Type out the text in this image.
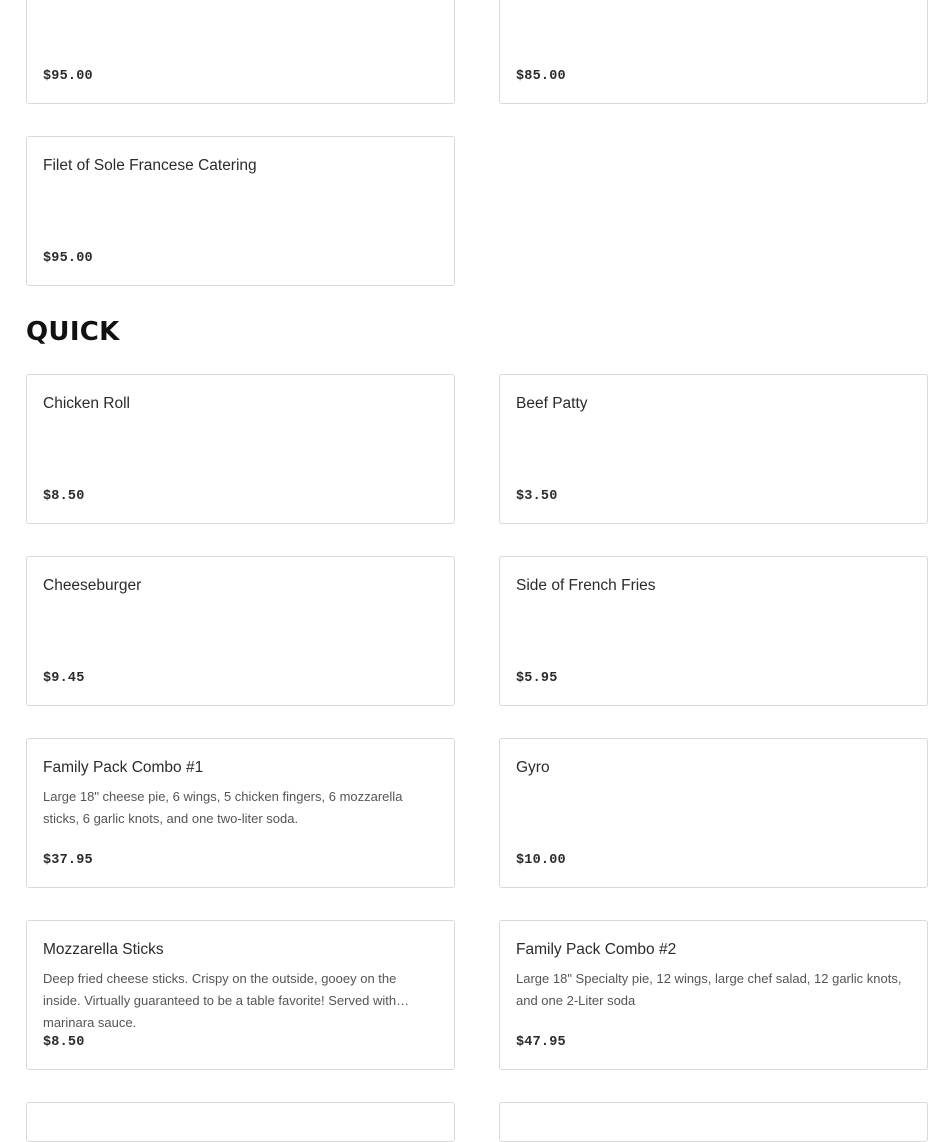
$95.00	$85.00
Filet of Sole Francese Catering
$95.00
QUICK
Chicken Roll
$8.50
Beef Patty
$3.50
Cheeseburger
$9.45
Side of French Fries
$5.95
Family Pack Combo #1
Large 18" cheese pie, 6 wings, 5 chicken fingers, 6 mozzarella sticks, 6 garlic knots, and one two-liter soda.
$37.95
Gyro
$10.00
Mozzarella Sticks
Deep fried cheese sticks. Crispy on the outside, gooey on the inside. Virtually guaranteed to be a table favorite! Served with marinara sauce.
$8.50
Family Pack Combo #2
Large 18" Specialty pie, 12 wings, large chef salad, 12 garlic knots, and one 2-Liter soda
$47.95
